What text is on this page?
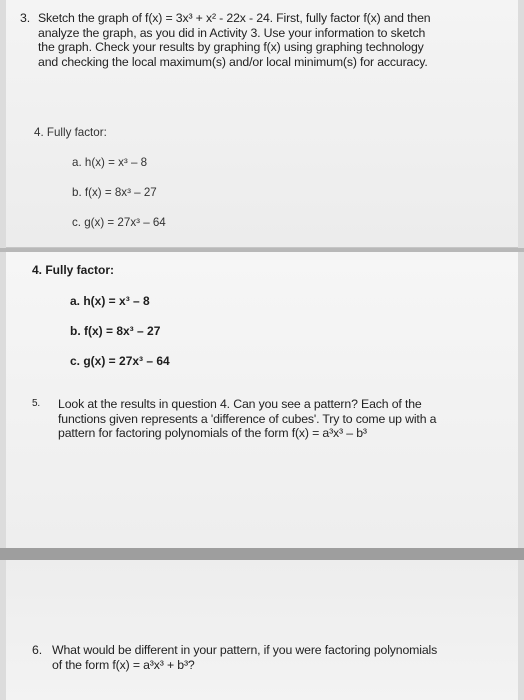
3. Sketch the graph of f(x) = 3x³ + x² - 22x - 24. First, fully factor f(x) and then
analyze the graph, as you did in Activity 3. Use your information to sketch
the graph. Check your results by graphing f(x) using graphing technology
and checking the local maximum(s) and/or local minimum(s) for accuracy.
4. Fully factor:
a. h(x) = x³ – 8
b. f(x) = 8x³ – 27
c. g(x) = 27x³ – 64
4. Fully factor:
a. h(x) = x³ – 8
b. f(x) = 8x³ – 27
c. g(x) = 27x³ – 64
5. Look at the results in question 4. Can you see a pattern? Each of the
functions given represents a 'difference of cubes'. Try to come up with a
pattern for factoring polynomials of the form f(x) = a³x³ – b³
6. What would be different in your pattern, if you were factoring polynomials
of the form f(x) = a³x³ + b³?
